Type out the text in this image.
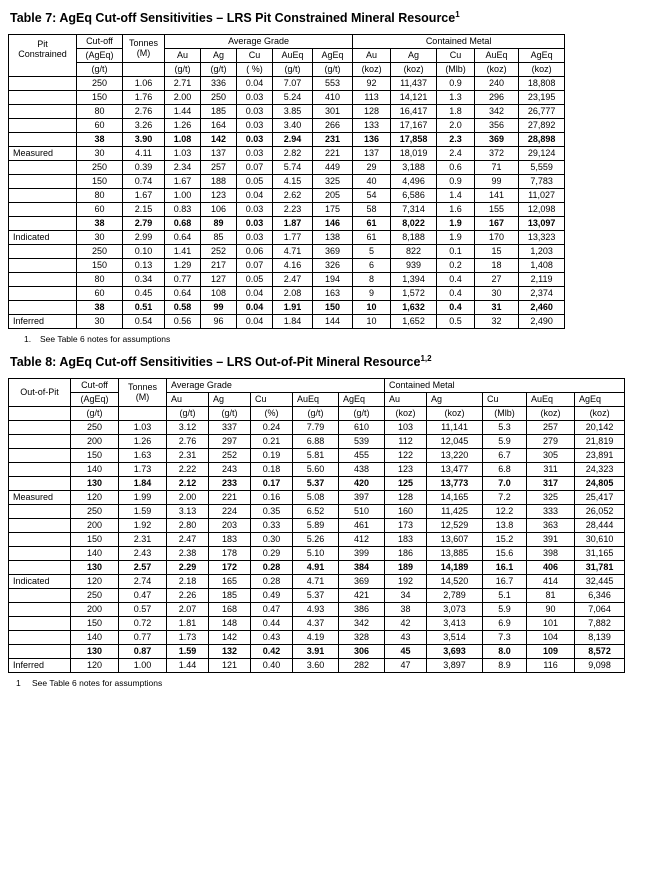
Table 7: AgEq Cut-off Sensitivities – LRS Pit Constrained Mineral Resource$^1$
Pit
Constrained
	Cut-off	Tonnes
(M)
	Average Grade	Contained Metal
	(AgEq)		Au	Ag	Cu	AuEq	AgEq	Au	Ag	Cu	AuEq	AgEq
	(g/t)		(g/t)	(g/t)	( %)	(g/t)	(g/t)	(koz)	(koz)	(Mlb)	(koz)	(koz)
	250	1.06	2.71	336	0.04	7.07	553	92	11,437	0.9	240	18,808
	150	1.76	2.00	250	0.03	5.24	410	113	14,121	1.3	296	23,195
	80	2.76	1.44	185	0.03	3.85	301	128	16,417	1.8	342	26,777
	60	3.26	1.26	164	0.03	3.40	266	133	17,167	2.0	356	27,892
	38	3.90	1.08	142	0.03	2.94	231	136	17,858	2.3	369	28,898
Measured	30	4.11	1.03	137	0.03	2.82	221	137	18,019	2.4	372	29,124
	250	0.39	2.34	257	0.07	5.74	449	29	3,188	0.6	71	5,559
	150	0.74	1.67	188	0.05	4.15	325	40	4,496	0.9	99	7,783
	80	1.67	1.00	123	0.04	2.62	205	54	6,586	1.4	141	11,027
	60	2.15	0.83	106	0.03	2.23	175	58	7,314	1.6	155	12,098
	38	2.79	0.68	89	0.03	1.87	146	61	8,022	1.9	167	13,097
Indicated	30	2.99	0.64	85	0.03	1.77	138	61	8,188	1.9	170	13,323
	250	0.10	1.41	252	0.06	4.71	369	5	822	0.1	15	1,203
	150	0.13	1.29	217	0.07	4.16	326	6	939	0.2	18	1,408
	80	0.34	0.77	127	0.05	2.47	194	8	1,394	0.4	27	2,119
	60	0.45	0.64	108	0.04	2.08	163	9	1,572	0.4	30	2,374
	38	0.51	0.58	99	0.04	1.91	150	10	1,632	0.4	31	2,460
Inferred	30	0.54	0.56	96	0.04	1.84	144	10	1,652	0.5	32	2,490
1. See Table 6 notes for assumptions
Table 8: AgEq Cut-off Sensitivities – LRS Out-of-Pit Mineral Resource$^{1,2}$
Out-of-Pit	Cut-off	Tonnes
(M)	Average Grade					Contained Metal				
	(AgEq)		Au	Ag	Cu	AuEq	AgEq	Au	Ag	Cu	AuEq	AgEq
	(g/t)		(g/t)	(g/t)	(%)	(g/t)	(g/t)	(koz)	(koz)	(Mlb)	(koz)	(koz)
	250	1.03	3.12	337	0.24	7.79	610	103	11,141	5.3	257	20,142
	200	1.26	2.76	297	0.21	6.88	539	112	12,045	5.9	279	21,819
	150	1.63	2.31	252	0.19	5.81	455	122	13,220	6.7	305	23,891
	140	1.73	2.22	243	0.18	5.60	438	123	13,477	6.8	311	24,323
	130	1.84	2.12	233	0.17	5.37	420	125	13,773	7.0	317	24,805
Measured	120	1.99	2.00	221	0.16	5.08	397	128	14,165	7.2	325	25,417
	250	1.59	3.13	224	0.35	6.52	510	160	11,425	12.2	333	26,052
	200	1.92	2.80	203	0.33	5.89	461	173	12,529	13.8	363	28,444
	150	2.31	2.47	183	0.30	5.26	412	183	13,607	15.2	391	30,610
	140	2.43	2.38	178	0.29	5.10	399	186	13,885	15.6	398	31,165
	130	2.57	2.29	172	0.28	4.91	384	189	14,189	16.1	406	31,781
Indicated	120	2.74	2.18	165	0.28	4.71	369	192	14,520	16.7	414	32,445
	250	0.47	2.26	185	0.49	5.37	421	34	2,789	5.1	81	6,346
	200	0.57	2.07	168	0.47	4.93	386	38	3,073	5.9	90	7,064
	150	0.72	1.81	148	0.44	4.37	342	42	3,413	6.9	101	7,882
	140	0.77	1.73	142	0.43	4.19	328	43	3,514	7.3	104	8,139
	130	0.87	1.59	132	0.42	3.91	306	45	3,693	8.0	109	8,572
Inferred	120	1.00	1.44	121	0.40	3.60	282	47	3,897	8.9	116	9,098
1 See Table 6 notes for assumptions
